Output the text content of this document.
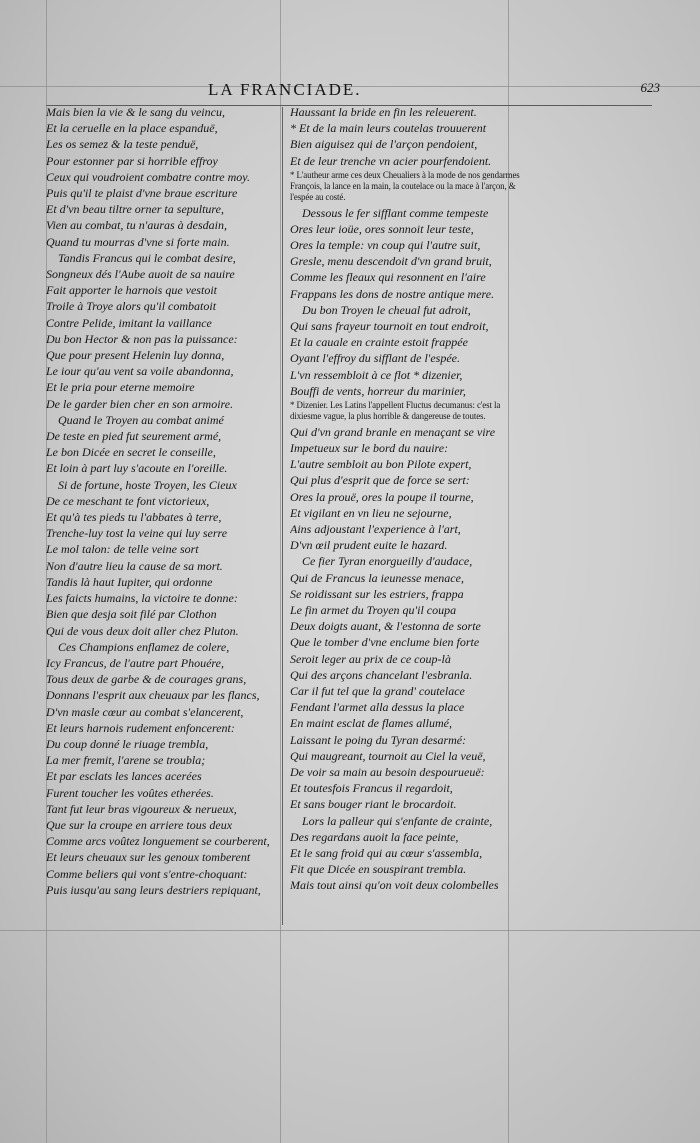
LA FRANCIADE.	623
Mais bien la vie & le sang du veincu,
Et la ceruelle en la place espanduë,
Les os semez & la teste penduë,
Pour estonner par si horrible effroy
Ceux qui voudroient combatre contre moy.
Puis qu'il te plaist d'vne braue escriture
Et d'vn beau tiltre orner ta sepulture,
Vien au combat, tu n'auras à desdain,
Quand tu mourras d'vne si forte main.
Tandis Francus qui le combat desire,
Songneux dés l'Aube auoit de sa nauire
Fait apporter le harnois que vestoit
Troile à Troye alors qu'il combatoit
Contre Pelide, imitant la vaillance
Du bon Hector & non pas la puissance:
Que pour present Helenin luy donna,
Le iour qu'au vent sa voile abandonna,
Et le pria pour eterne memoire
De le garder bien cher en son armoire.
Quand le Troyen au combat animé
De teste en pied fut seurement armé,
Le bon Dicée en secret le conseille,
Et loin à part luy s'acoute en l'oreille.
Si de fortune, hoste Troyen, les Cieux
De ce meschant te font victorieux,
Et qu'à tes pieds tu l'abbates à terre,
Trenche-luy tost la veine qui luy serre
Le mol talon: de telle veine sort
Non d'autre lieu la cause de sa mort.
Tandis là haut Iupiter, qui ordonne
Les faicts humains, la victoire te donne:
Bien que desja soit filé par Clothon
Qui de vous deux doit aller chez Pluton.
Ces Champions enflamez de colere,
Icy Francus, de l'autre part Phouére,
Tous deux de garbe & de courages grans,
Donnans l'esprit aux cheuaux par les flancs,
D'vn masle cœur au combat s'elancerent,
Et leurs harnois rudement enfoncerent:
Du coup donné le riuage trembla,
La mer fremit, l'arene se troubla;
Et par esclats les lances acerées
Furent toucher les voûtes etherées.
Tant fut leur bras vigoureux & nerueux,
Que sur la croupe en arriere tous deux
Comme arcs voûtez longuement se courberent,
Et leurs cheuaux sur les genoux tomberent
Comme beliers qui vont s'entre-choquant:
Puis iusqu'au sang leurs destriers repiquant,
Haussant la bride en fin les releuerent.
* Et de la main leurs coutelas trouuerent
Bien aiguisez qui de l'arçon pendoient,
Et de leur trenche vn acier pourfendoient.
* L'autheur arme ces deux Cheualiers à la mode de nos gendarmes François, la lance en la main, la coutelace ou la mace à l'arçon, & l'espée au costé.
Dessous le fer sifflant comme tempeste
Ores leur ioüe, ores sonnoit leur teste,
Ores la temple: vn coup qui l'autre suit,
Gresle, menu descendoit d'vn grand bruit,
Comme les fleaux qui resonnent en l'aire
Frappans les dons de nostre antique mere.
Du bon Troyen le cheual fut adroit,
Qui sans frayeur tournoit en tout endroit,
Et la cauale en crainte estoit frappée
Oyant l'effroy du sifflant de l'espée.
L'vn ressembloit à ce flot * dizenier,
Bouffi de vents, horreur du marinier,
* Dizenier. Les Latins l'appellent Fluctus decumanus: c'est la dixiesme vague, la plus horrible & dangereuse de toutes.
Qui d'vn grand branle en menaçant se vire
Impetueux sur le bord du nauire:
L'autre sembloit au bon Pilote expert,
Qui plus d'esprit que de force se sert:
Ores la prouë, ores la poupe il tourne,
Et vigilant en vn lieu ne sejourne,
Ains adjoustant l'experience à l'art,
D'vn œil prudent euite le hazard.
Ce fier Tyran enorgueilly d'audace,
Qui de Francus la ieunesse menace,
Se roidissant sur les estriers, frappa
Le fin armet du Troyen qu'il coupa
Deux doigts auant, & l'estonna de sorte
Que le tomber d'vne enclume bien forte
Seroit leger au prix de ce coup-là
Qui des arçons chancelant l'esbranla.
Car il fut tel que la grand' coutelace
Fendant l'armet alla dessus la place
En maint esclat de flames allumé,
Laissant le poing du Tyran desarmé:
Qui maugreant, tournoit au Ciel la veuë,
De voir sa main au besoin despourueuë:
Et toutesfois Francus il regardoit,
Et sans bouger riant le brocardoit.
Lors la palleur qui s'enfante de crainte,
Des regardans auoit la face peinte,
Et le sang froid qui au cœur s'assembla,
Fit que Dicée en souspirant trembla.
Mais tout ainsi qu'on voit deux colombelles
